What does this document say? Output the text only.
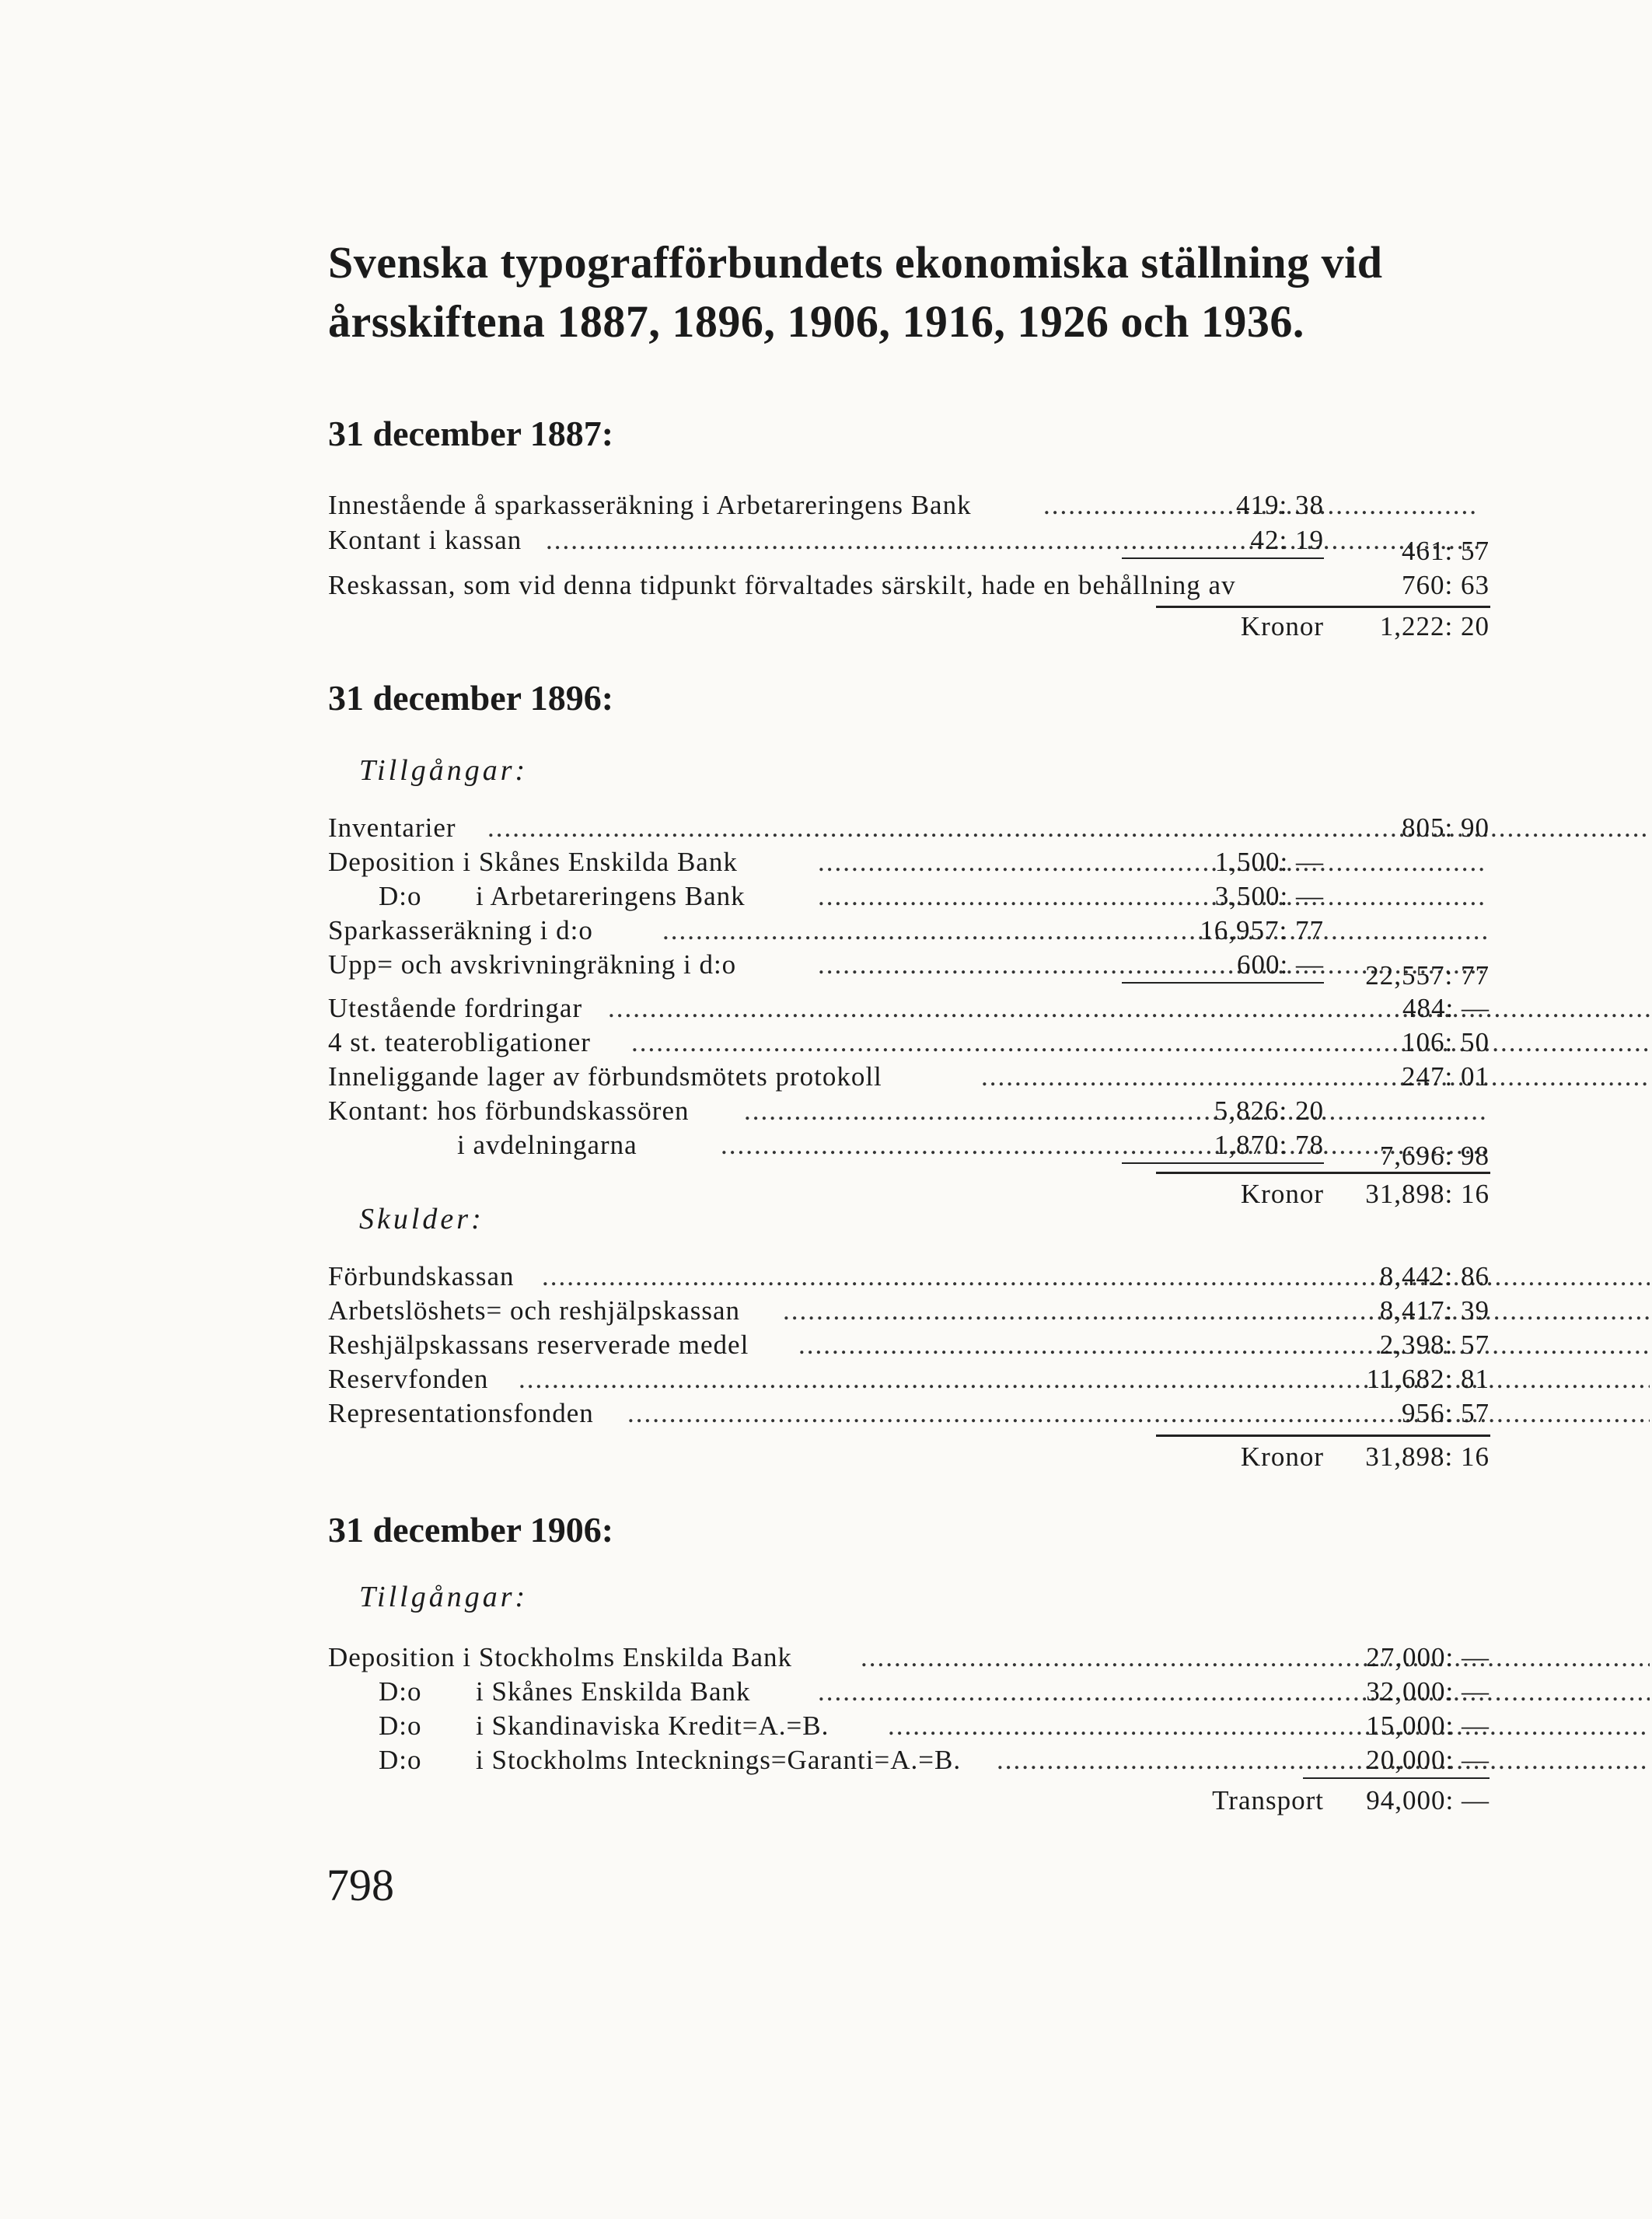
Svenska typografförbundets ekonomiska ställning vid
årsskiftena 1887, 1896, 1906, 1916, 1926 och 1936.
31 december 1887:
Innestående å sparkasseräkning i Arbetareringens Bank .....	419: 38
Kontant i kassan .....	42: 19	461: 57
Reskassan, som vid denna tidpunkt förvaltades särskilt, hade en behållning av	760: 63
Kronor	1,222: 20
31 december 1896:
Tillgångar:
Inventarier .....	805: 90
Deposition i Skånes Enskilda Bank .....	1,500: —
D:o i Arbetareringens Bank .....	3,500: —
Sparkasseräkning i d:o .....	16,957: 77
Upp= och avskrivningräkning i d:o .....	600: —	22,557: 77
Utestående fordringar .....	484: —
4 st. teaterobligationer .....	106: 50
Inneliggande lager av förbundsmötets protokoll .....	247: 01
Kontant: hos förbundskassören .....	5,826: 20
i avdelningarna .....	1,870: 78	7,696: 98
Kronor	31,898: 16
Skulder:
Förbundskassan .....	8,442: 86
Arbetslöshets= och reshjälpskassan .....	8,417: 39
Reshjälpskassans reserverade medel .....	2,398: 57
Reservfonden .....	11,682: 81
Representationsfonden .....	956: 57
Kronor	31,898: 16
31 december 1906:
Tillgångar:
Deposition i Stockholms Enskilda Bank .....	27,000: —
D:o i Skånes Enskilda Bank .....	32,000: —
D:o i Skandinaviska Kredit=A.=B. .....	15,000: —
D:o i Stockholms Intecknings=Garanti=A.=B. .....	20,000: —
Transport	94,000: —
798
